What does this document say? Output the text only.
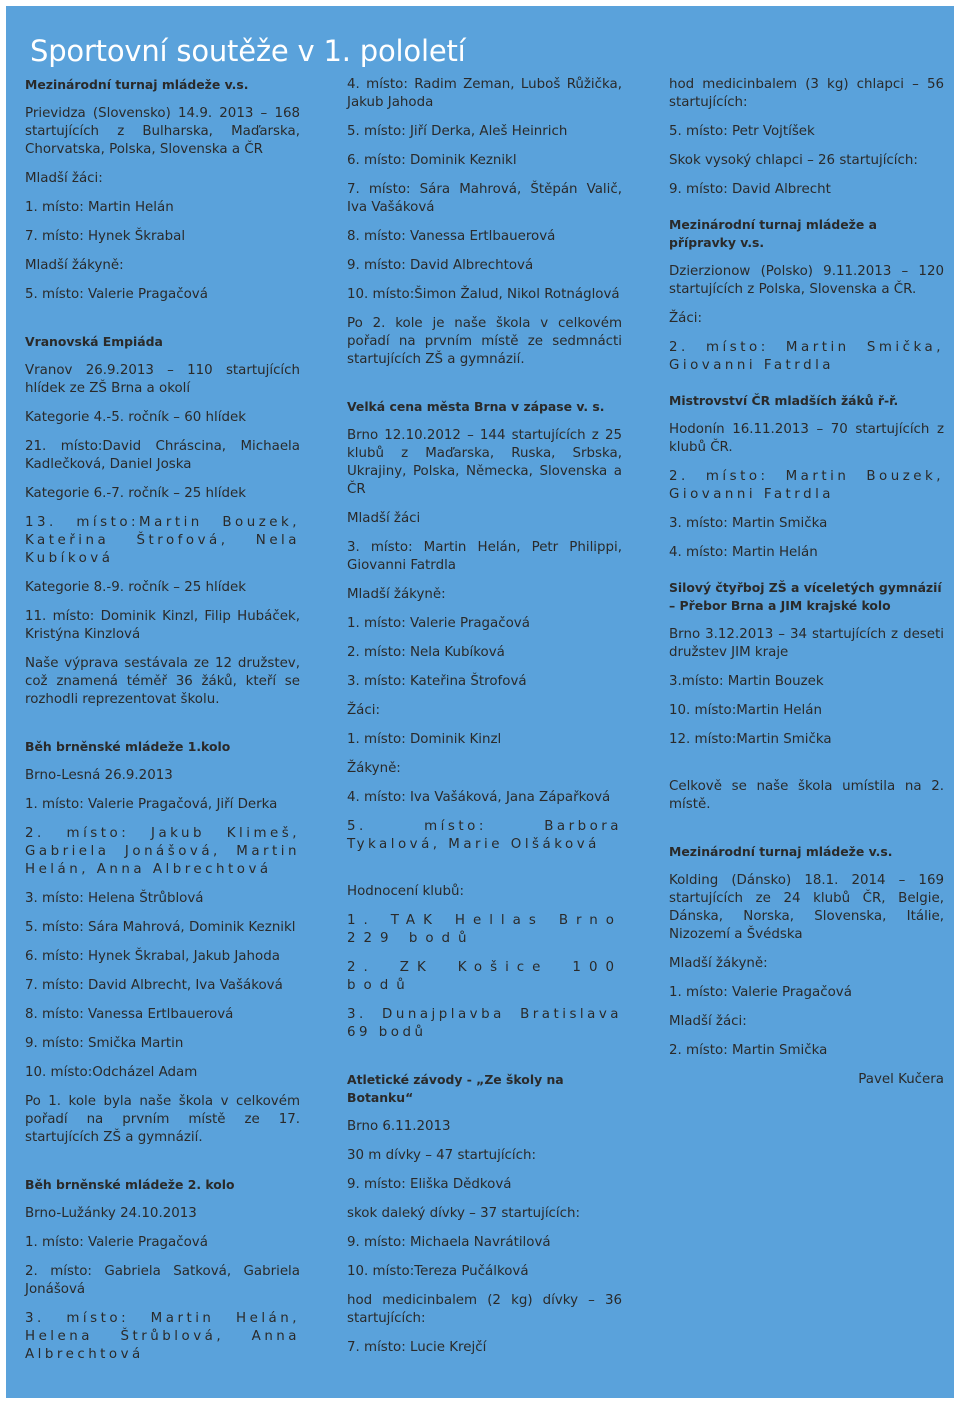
Sportovní soutěže v 1. pololetí
Mezinárodní turnaj mládeže v.s.
Prievidza (Slovensko) 14.9. 2013 – 168 startujících z Bulharska, Maďarska, Chorvatska, Polska, Slovenska a ČR
Mladší žáci:
1. místo: Martin Helán
7. místo: Hynek Škrabal
Mladší žákyně:
5. místo: Valerie Pragačová
Vranovská Empiáda
Vranov 26.9.2013 – 110 startujících hlídek ze ZŠ Brna a okolí
Kategorie 4.-5. ročník – 60 hlídek
21. místo:David Chráscina, Michaela Kadlečková, Daniel Joska
Kategorie 6.-7. ročník – 25 hlídek
13. místo:Martin Bouzek, Kateřina Štrofová, Nela Kubíková
Kategorie 8.-9. ročník – 25 hlídek
11. místo: Dominik Kinzl, Filip Hubáček, Kristýna Kinzlová
Naše výprava sestávala ze 12 družstev, což znamená téměř 36 žáků, kteří se rozhodli reprezentovat školu.
Běh brněnské mládeže 1.kolo
Brno-Lesná 26.9.2013
1. místo: Valerie Pragačová, Jiří Derka
2. místo: Jakub Klimeš, Gabriela Jonášová, Martin Helán, Anna Albrechtová
3. místo: Helena Štrůblová
5. místo: Sára Mahrová, Dominik Keznikl
6. místo: Hynek Škrabal, Jakub Jahoda
7. místo: David Albrecht, Iva Vašáková
8. místo: Vanessa Ertlbauerová
9. místo: Smička Martin
10. místo:Odcházel Adam
Po 1. kole byla naše škola v celkovém pořadí na prvním místě ze 17. startujících ZŠ a gymnázií.
Běh brněnské mládeže 2. kolo
Brno-Lužánky 24.10.2013
1. místo: Valerie Pragačová
2. místo: Gabriela Satková, Gabriela Jonášová
3. místo: Martin Helán, Helena Štrůblová, Anna Albrechtová
4. místo: Radim Zeman, Luboš Růžička, Jakub Jahoda
5. místo: Jiří Derka, Aleš Heinrich
6. místo: Dominik Keznikl
7. místo: Sára Mahrová, Štěpán Valič, Iva Vašáková
8. místo: Vanessa Ertlbauerová
9. místo: David Albrechtová
10. místo:Šimon Žalud, Nikol Rotnáglová
Po 2. kole je naše škola v celkovém pořadí na prvním místě ze sedmnácti startujících ZŠ a gymnázií.
Velká cena města Brna v zápase v. s.
Brno 12.10.2012 – 144 startujících z 25 klubů z Maďarska, Ruska, Srbska, Ukrajiny, Polska, Německa, Slovenska a ČR
Mladší žáci
3. místo: Martin Helán, Petr Philippi, Giovanni Fatrdla
Mladší žákyně:
1. místo: Valerie Pragačová
2. místo: Nela Kubíková
3. místo: Kateřina Štrofová
Žáci:
1. místo: Dominik Kinzl
Žákyně:
4. místo: Iva Vašáková, Jana Zápařková
5. místo: Barbora Tykalová, Marie Olšáková
Hodnocení klubů:
1. TAK Hellas Brno 229 bodů
2. ZK Košice 100 bodů
3. Dunajplavba Bratislava 69 bodů
Atletické závody - „Ze školy na Botanku“
Brno 6.11.2013
30 m dívky – 47 startujících:
9. místo: Eliška Dědková
skok daleký dívky – 37 startujících:
9. místo: Michaela Navrátilová
10. místo:Tereza Pučálková
hod medicinbalem (2 kg) dívky – 36 startujících:
7. místo: Lucie Krejčí
hod medicinbalem (3 kg) chlapci – 56 startujících:
5. místo: Petr Vojtíšek
Skok vysoký chlapci – 26 startujících:
9. místo: David Albrecht
Mezinárodní turnaj mládeže a přípravky v.s.
Dzierzionow (Polsko) 9.11.2013 – 120 startujících z Polska, Slovenska a ČR.
Žáci:
2. místo: Martin Smička, Giovanni Fatrdla
Mistrovství ČR mladších žáků ř-ř.
Hodonín 16.11.2013 – 70 startujících z klubů ČR.
2. místo: Martin Bouzek, Giovanni Fatrdla
3. místo: Martin Smička
4. místo: Martin Helán
Silový čtyřboj ZŠ a víceletých gymnázií – Přebor Brna a JIM krajské kolo
Brno 3.12.2013 – 34 startujících z deseti družstev JIM kraje
3.místo: Martin Bouzek
10. místo:Martin Helán
12. místo:Martin Smička
Celkově se naše škola umístila na 2. místě.
Mezinárodní turnaj mládeže v.s.
Kolding (Dánsko) 18.1. 2014 – 169 startujících ze 24 klubů ČR, Belgie, Dánska, Norska, Slovenska, Itálie, Nizozemí a Švédska
Mladší žákyně:
1. místo: Valerie Pragačová
Mladší žáci:
2. místo: Martin Smička
Pavel Kučera
